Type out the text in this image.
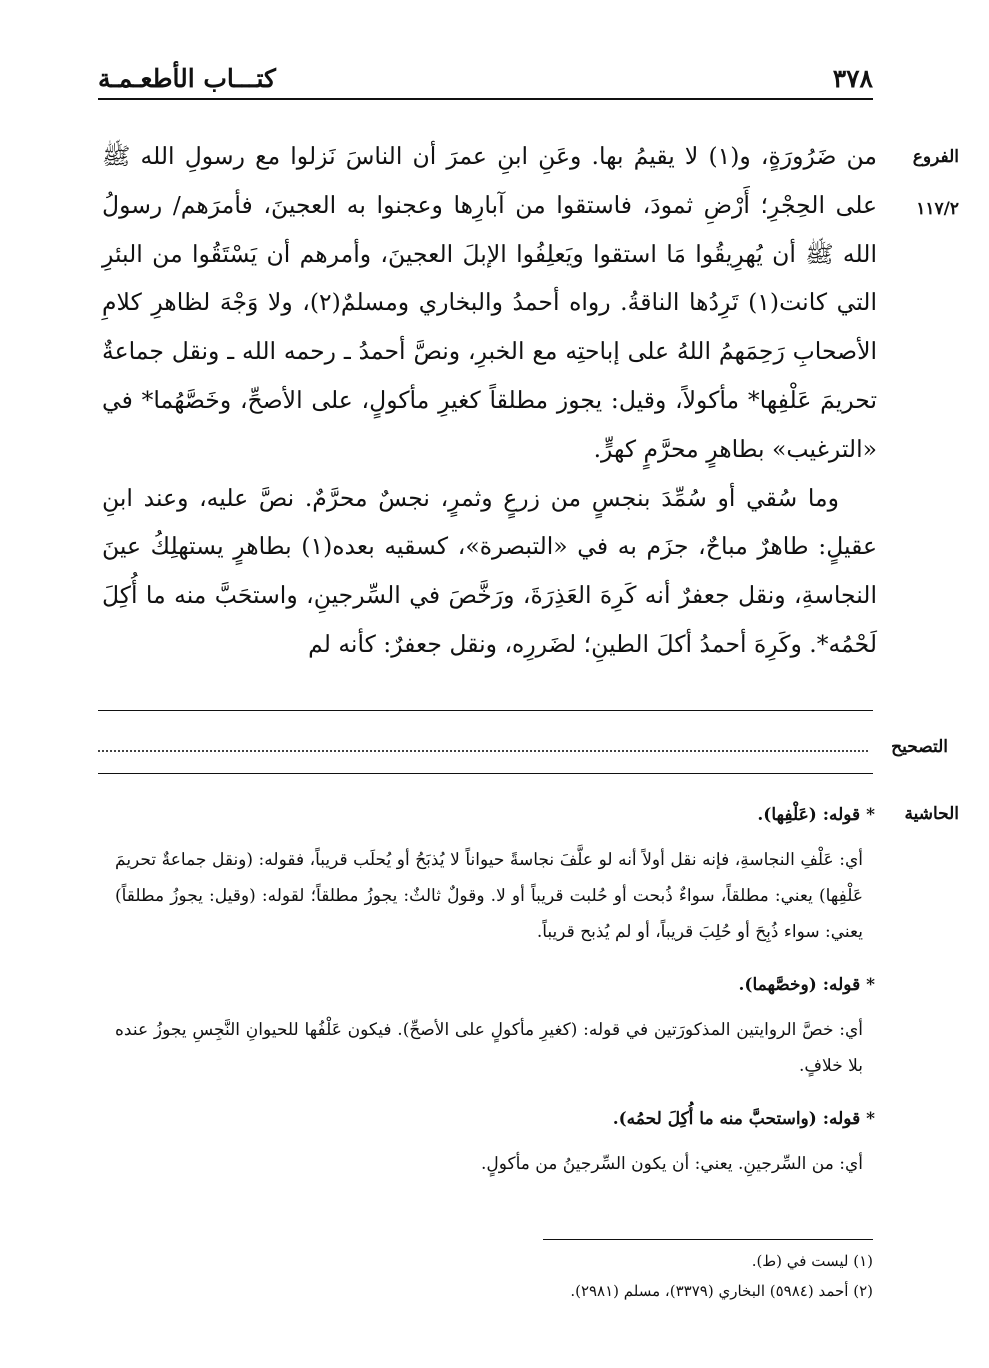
٣٧٨
كتـــاب الأطعـمـة
الفروع
١١٧/٢

من ضَرُورَةٍ، و(١) لا يقيمُ بها. وعَنِ ابنِ عمرَ أن الناسَ نَزلوا مع رسولِ الله ﷺ على الحِجْرِ؛ أَرْضِ ثمودَ، فاستقوا من آبارِها وعجنوا به العجينَ، فأمرَهم/ رسولُ الله ﷺ أن يُهرِيقُوا مَا استقوا ويَعلِفُوا الإبلَ العجينَ، وأمرهم أن يَسْتَقُوا من البئرِ التي كانت(١) تَرِدُها الناقةُ. رواه أحمدُ والبخاري ومسلمٌ(٢)، ولا وَجْهَ لظاهرِ كلامِ الأصحابِ رَحِمَهمُ اللهُ على إباحتِه مع الخبرِ، ونصَّ أحمدُ ـ رحمه الله ـ ونقل جماعةٌ تحريمَ عَلْفِها* مأكولاً، وقيل: يجوز مطلقاً كغيرِ مأكولٍ، على الأصحِّ، وخَصَّهُما* في «الترغيب» بطاهرٍ محرَّمٍ كهرٍّ.

وما سُقي أو سُمِّدَ بنجسٍ من زرعٍ وثمرٍ، نجسٌ محرَّمٌ. نصَّ عليه، وعند ابنِ عقيلٍ: طاهرٌ مباحٌ، جزَم به في «التبصرة»، كسقيه بعده(١) بطاهرٍ يستهلِكُ عينَ النجاسةِ، ونقل جعفرٌ أنه كَرِهَ العَذِرَةَ، ورَخَّصَ في السِّرجينِ، واستحَبَّ منه ما أُكِلَ لَحْمُه*. وكَرِهَ أحمدُ أكلَ الطينِ؛ لضَررِه، ونقل جعفرٌ: كأنه لم

التصحيح
الحاشية

* قوله: (عَلْفِها).

أي: عَلْفِ النجاسةِ، فإنه نقل أولاً أنه لو علَّفَ نجاسةً حيواناً لا يُذبَحُ أو يُحلَب قريباً، فقوله: (ونقل جماعةٌ تحريمَ عَلْفِها) يعني: مطلقاً، سواءٌ ذُبحت أو حُلبت قريباً أو لا. وقولٌ ثالثٌ: يجوزُ مطلقاً؛ لقوله: (وقيل: يجوزُ مطلقاً) يعني: سواء ذُبِحَ أو حُلِبَ قريباً، أو لم يُذبح قريباً.

* قوله: (وخصَّهما).

أي: خصَّ الروايتين المذكورَتين في قوله: (كغيرِ مأكولٍ على الأصحِّ). فيكون عَلْفُها للحيوانِ النَّجِسِ يجوزُ عنده بلا خلافٍ.

* قوله: (واستحبَّ منه ما أُكِلَ لحمُه).

أي: من السِّرجينِ. يعني: أن يكون السِّرجينُ من مأكولٍ.

(١) ليست في (ط).

(٢) أحمد (٥٩٨٤) البخاري (٣٣٧٩)، مسلم (٢٩٨١).
